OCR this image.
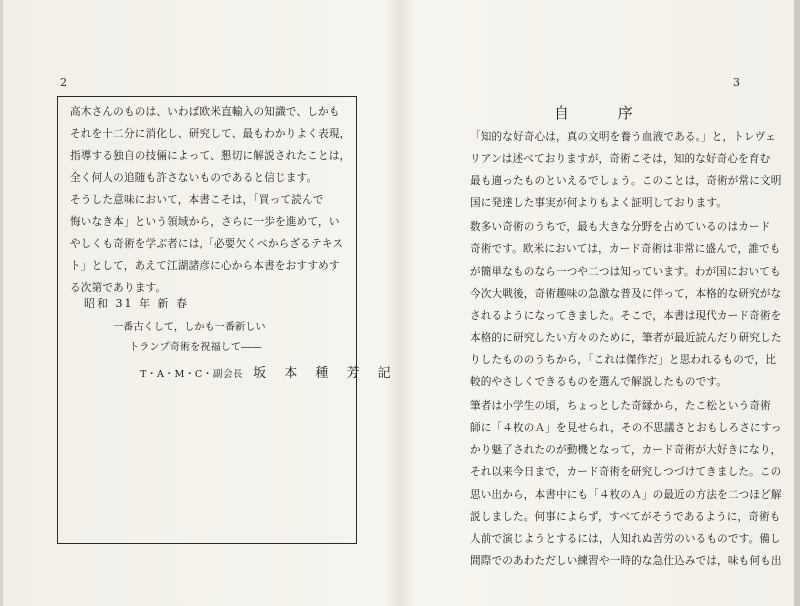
2
高木さんのものは、いわば欧米直輸入の知識で、しかも
それを十二分に消化し、研究して、最もわかりよく表現，
指導する独自の技倆によって、懇切に解説されたことは，
全く何人の追随も許さないものであると信じます。
そうした意味において，本書こそは，「買って読んで
悔いなき本」という領域から，さらに一歩を進めて，い
やしくも奇術を学ぶ者には,「必要欠くべからざるテキス
ト」として，あえて江湖諸彦に心から本書をおすすめす
る次第であります。
昭和 31 年 新 春
一番古くして，しかも一番新しい
トランプ奇術を祝福して――
T・A・M・C・副会長 坂 本 種 芳 記
3
自 序
「知的な好奇心は，真の文明を養う血液である。」と，トレヴェ
リアンは述べておりますが，奇術こそは，知的な好奇心を育む
最も適ったものといえるでしょう。このことは，奇術が常に文明
国に発達した事実が何よりもよく証明しております。
数多い奇術のうちで，最も大きな分野を占めているのはカード
奇術です。欧米においては，カード奇術は非常に盛んで，誰でも
が簡単なものなら一つや二つは知っています。わが国においても
今次大戦後，奇術趣味の急激な普及に伴って，本格的な研究がな
されるようになってきました。そこで，本書は現代カード奇術を
本格的に研究したい方々のために，筆者が最近読んだり研究した
りしたもののうちから，「これは傑作だ」と思われるもので，比
較的やさしくできるものを選んで解説したものです。
筆者は小学生の頃，ちょっとした奇縁から，たこ松という奇術
師に「４枚のＡ」を見せられ，その不思議さとおもしろさにすっ
かり魅了されたのが動機となって，カード奇術が大好きになり，
それ以来今日まで，カード奇術を研究しつづけてきました。この
思い出から，本書中にも「４枚のＡ」の最近の方法を二つほど解
説しました。何事によらず，すべてがそうであるように，奇術も
人前で演じようとするには，人知れぬ苦労のいるものです。備し
間際でのあわただしい練習や一時的な急仕込みでは，味も何も出
